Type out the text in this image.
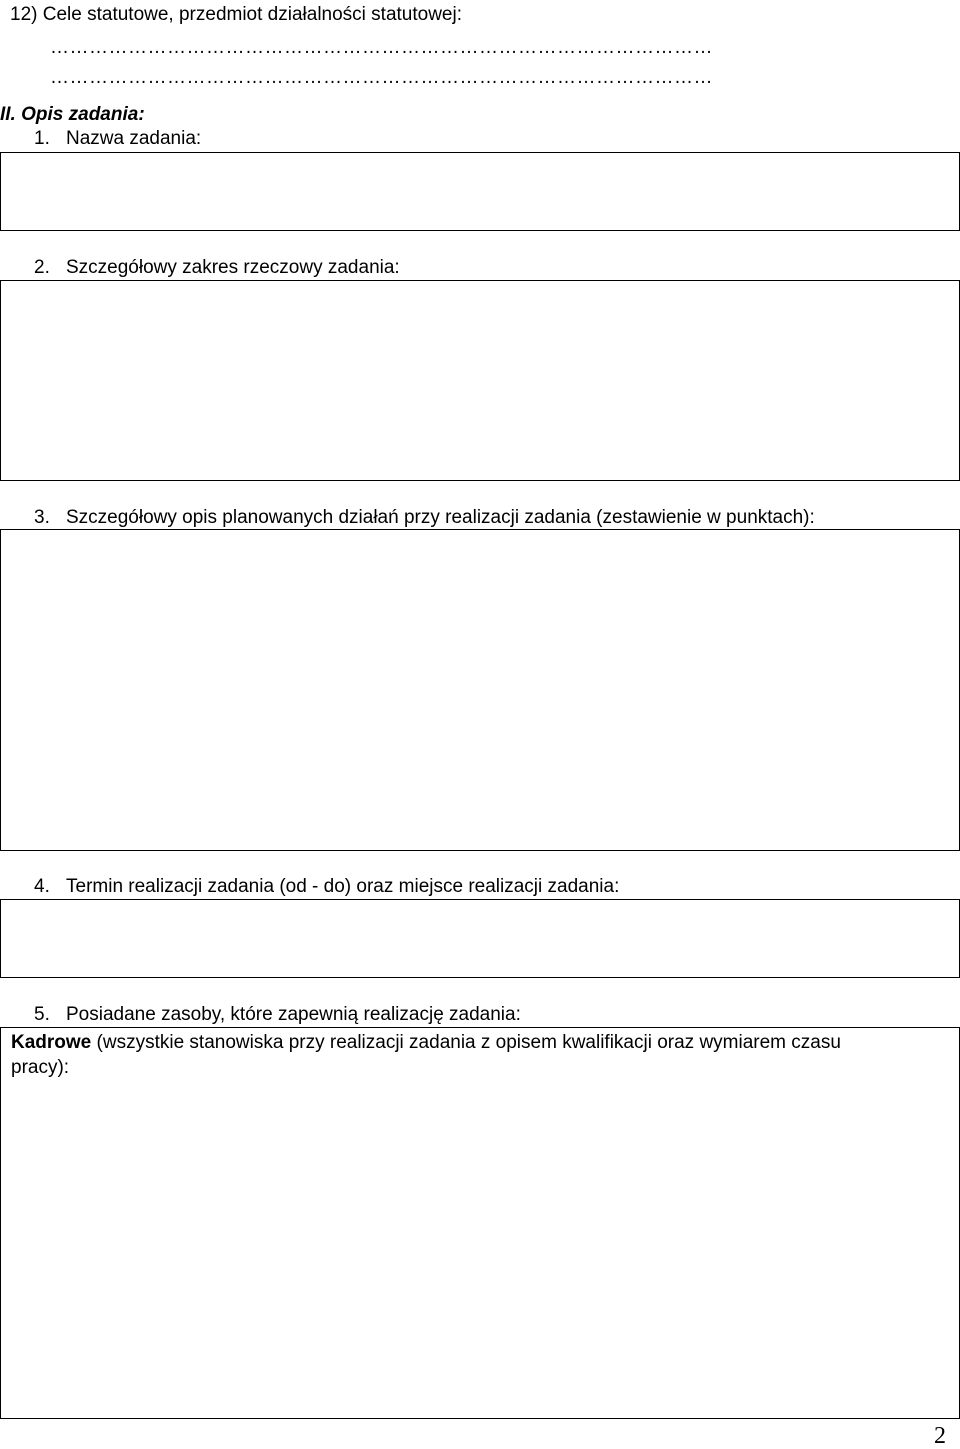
12) Cele statutowe, przedmiot działalności statutowej:
…………………………………………………………………………………………
…………………………………………………………………………………………
II. Opis zadania:
1. Nazwa zadania:
2. Szczegółowy zakres rzeczowy zadania:
3. Szczegółowy opis planowanych działań przy realizacji zadania (zestawienie w punktach):
4. Termin realizacji zadania (od - do) oraz miejsce realizacji zadania:
5. Posiadane zasoby, które zapewnią realizację zadania:
Kadrowe (wszystkie stanowiska przy realizacji zadania z opisem kwalifikacji oraz wymiarem czasu
pracy):
2
